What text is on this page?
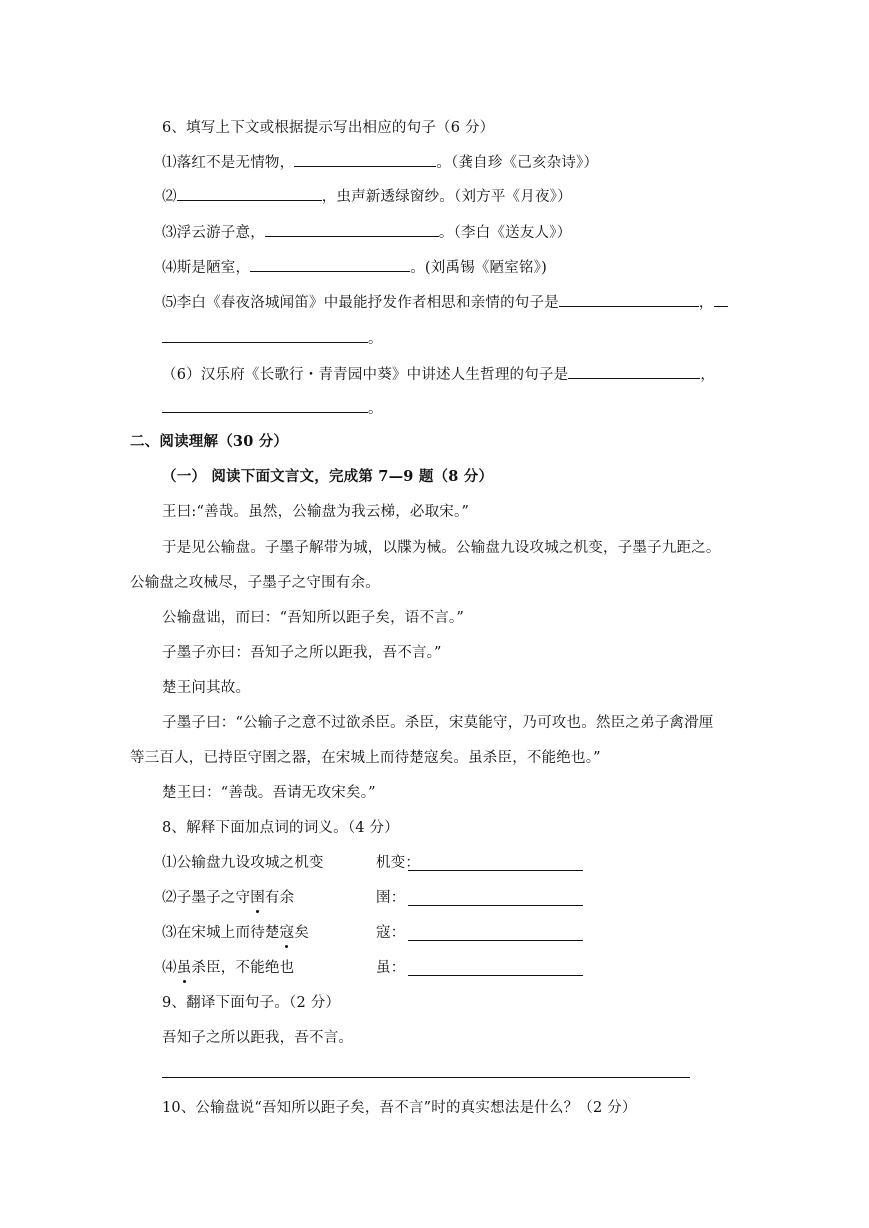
6、填写上下文或根据提示写出相应的句子（6 分）
⑴落红不是无情物，	。（龚自珍《己亥杂诗》）
⑵	，虫声新透绿窗纱。（刘方平《月夜》）
⑶浮云游子意，	。（李白《送友人》）
⑷斯是陋室，	。(刘禹锡《陋室铭》)
⑸李白《春夜洛城闻笛》中最能抒发作者相思和亲情的句子是	，
。
（6）汉乐府《长歌行・青青园中葵》中讲述人生哲理的句子是	，
。
二、阅读理解（30 分）
（一） 阅读下面文言文，完成第 7—9 题（8 分）
王曰:“善哉。虽然，公输盘为我云梯，必取宋。”
于是见公输盘。子墨子解带为城，以牒为械。公输盘九设攻城之机变，子墨子九距之。
公输盘之攻械尽，子墨子之守围有余。
公输盘诎，而曰：“吾知所以距子矣，语不言。”
子墨子亦曰：吾知子之所以距我，吾不言。”
楚王问其故。
子墨子曰：“公输子之意不过欲杀臣。杀臣，宋莫能守，乃可攻也。然臣之弟子禽滑厘
等三百人，已持臣守圉之器，在宋城上而待楚寇矣。虽杀臣，不能绝也。”
楚王曰：“善哉。吾请无攻宋矣。”
8、解释下面加点词的词义。（4 分）
⑴公输盘九设攻城之机变	机变：
⑵子墨子之守圉有余	圉：
⑶在宋城上而待楚寇矣	寇：
⑷虽杀臣，不能绝也	虽：
9、翻译下面句子。（2 分）
吾知子之所以距我，吾不言。
10、公输盘说“吾知所以距子矣，吾不言”时的真实想法是什么？（2 分）
